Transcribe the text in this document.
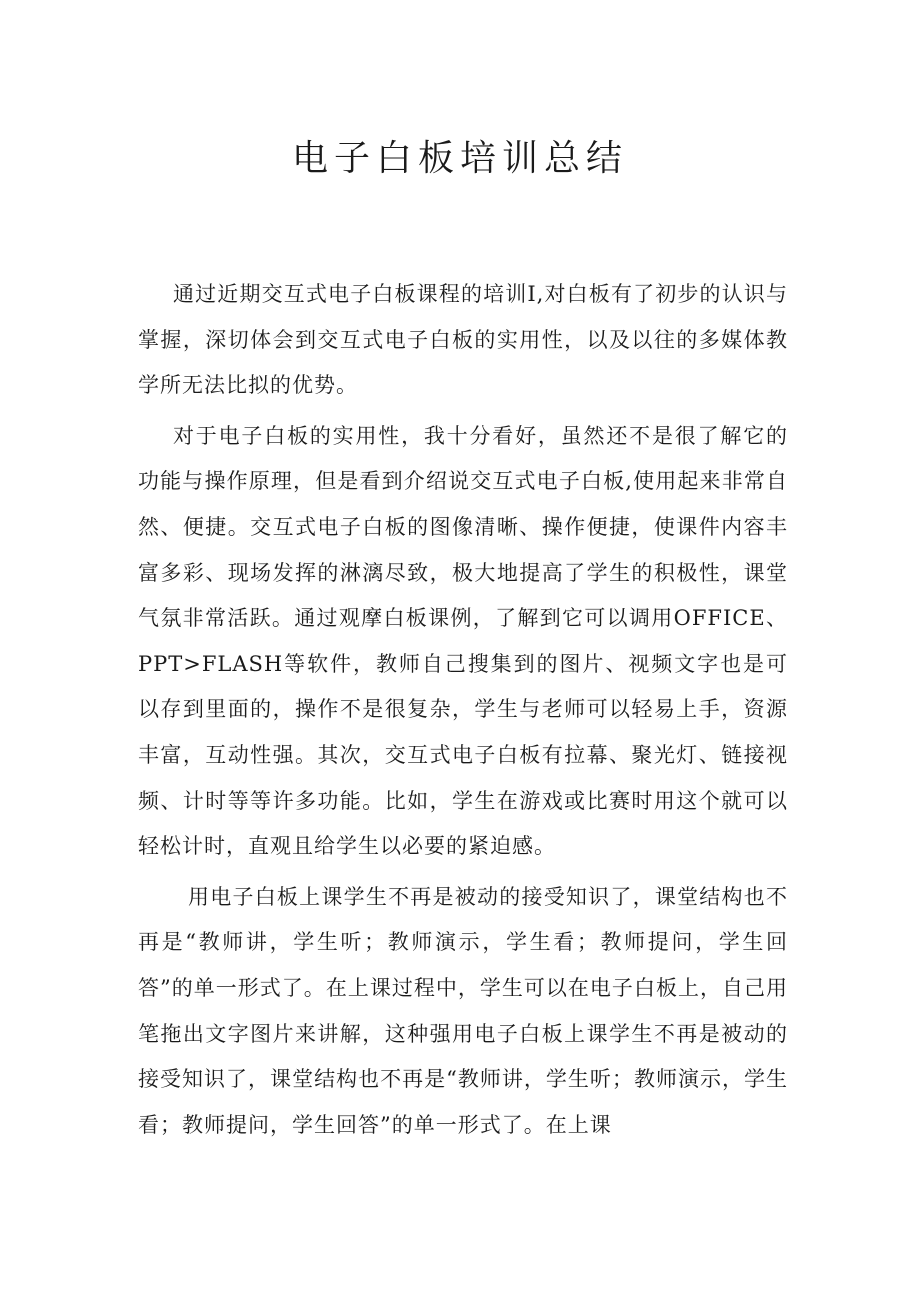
电子白板培训总结

通过近期交互式电子白板课程的培训I,对白板有了初步的认识与掌握，深切体会到交互式电子白板的实用性，以及以往的多媒体教学所无法比拟的优势。

对于电子白板的实用性，我十分看好，虽然还不是很了解它的功能与操作原理，但是看到介绍说交互式电子白板,使用起来非常自然、便捷。交互式电子白板的图像清晰、操作便捷，使课件内容丰富多彩、现场发挥的淋漓尽致，极大地提高了学生的积极性，课堂气氛非常活跃。通过观摩白板课例，了解到它可以调用OFFICE、PPT>FLASH等软件，教师自己搜集到的图片、视频文字也是可以存到里面的，操作不是很复杂，学生与老师可以轻易上手，资源丰富，互动性强。其次，交互式电子白板有拉幕、聚光灯、链接视频、计时等等许多功能。比如，学生在游戏或比赛时用这个就可以轻松计时，直观且给学生以必要的紧迫感。

用电子白板上课学生不再是被动的接受知识了，课堂结构也不再是“教师讲，学生听；教师演示，学生看；教师提问，学生回答”的单一形式了。在上课过程中，学生可以在电子白板上，自己用笔拖出文字图片来讲解，这种强用电子白板上课学生不再是被动的接受知识了，课堂结构也不再是“教师讲，学生听；教师演示，学生看；教师提问，学生回答”的单一形式了。在上课
